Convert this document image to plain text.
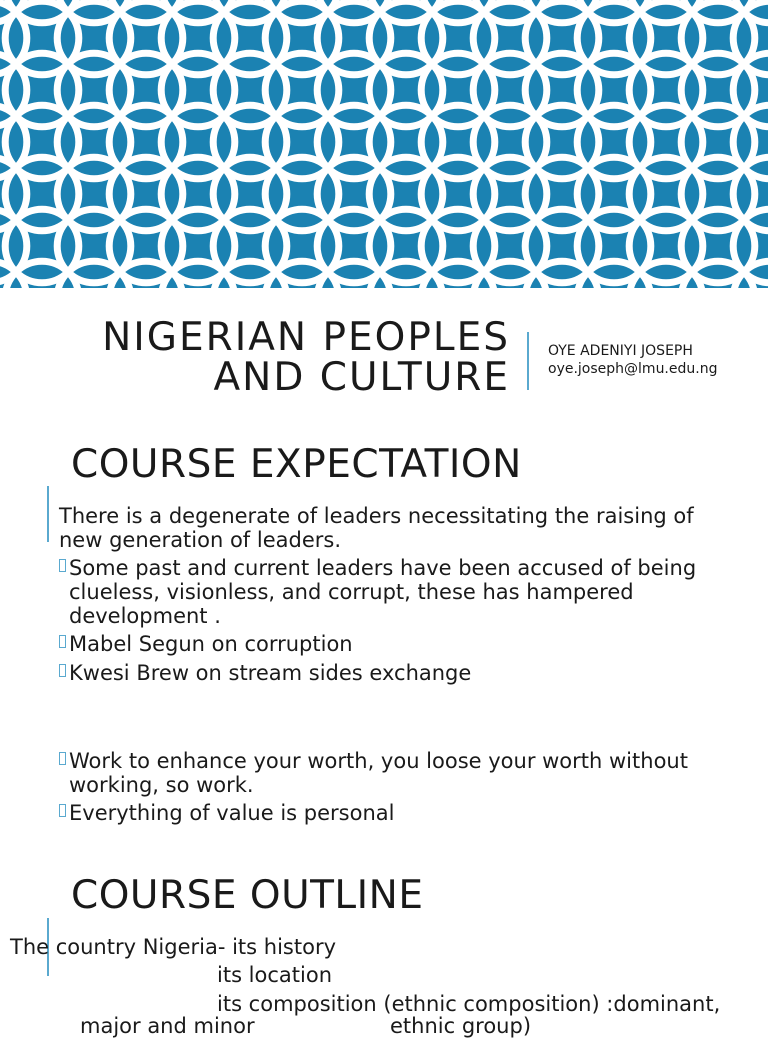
NIGERIAN PEOPLES
AND CULTURE
OYE ADENIYI JOSEPH
oye.joseph@lmu.edu.ng
COURSE EXPECTATION
There is a degenerate of leaders necessitating the raising of
new generation of leaders.
Some past and current leaders have been accused of being
clueless, visionless, and corrupt, these has hampered
development .
Mabel Segun on corruption
Kwesi Brew on stream sides exchange
Work to enhance your worth, you loose your worth without
working, so work.
Everything of value is personal
COURSE OUTLINE
The country Nigeria- its history
its location
its composition (ethnic composition) :dominant,
major and minor	ethnic group)
